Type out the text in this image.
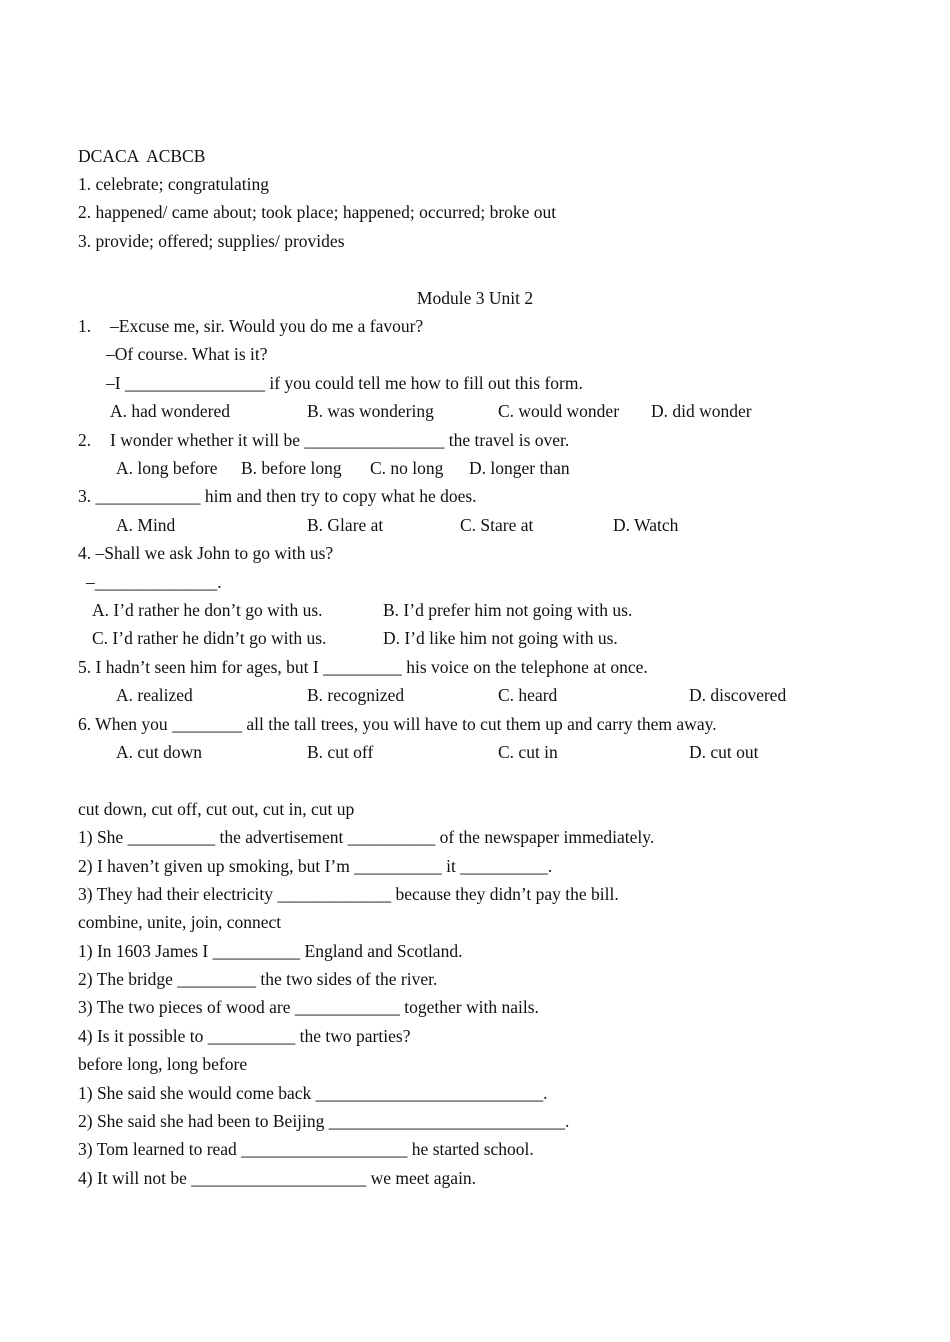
DCACA  ACBCB
1. celebrate; congratulating
2. happened/ came about; took place; happened; occurred; broke out
3. provide; offered; supplies/ provides
Module 3 Unit 2
1. –Excuse me, sir. Would you do me a favour?
–Of course. What is it?
–I ________________ if you could tell me how to fill out this form.
A. had wondered	B. was wondering	C. would wonder D. did wonder
2. I wonder whether it will be ________________ the travel is over.
A. long before B. before long C. no long D. longer than
3. ____________ him and then try to copy what he does.
A. Mind	B. Glare at	C. Stare at	D. Watch
4. –Shall we ask John to go with us?
–______________.
A. I’d rather he don’t go with us.	B. I’d prefer him not going with us.
C. I’d rather he didn’t go with us.	D. I’d like him not going with us.
5. I hadn’t seen him for ages, but I _________ his voice on the telephone at once.
A. realized	B. recognized	C. heard	D. discovered
6. When you ________ all the tall trees, you will have to cut them up and carry them away.
A. cut down	B. cut off	C. cut in	D. cut out
cut down, cut off, cut out, cut in, cut up
1) She __________ the advertisement __________ of the newspaper immediately.
2) I haven’t given up smoking, but I’m __________ it __________.
3) They had their electricity _____________ because they didn’t pay the bill.
combine, unite, join, connect
1) In 1603 James I __________ England and Scotland.
2) The bridge _________ the two sides of the river.
3) The two pieces of wood are ____________ together with nails.
4) Is it possible to __________ the two parties?
before long, long before
1) She said she would come back __________________________.
2) She said she had been to Beijing ___________________________.
3) Tom learned to read ___________________ he started school.
4) It will not be ____________________ we meet again.
